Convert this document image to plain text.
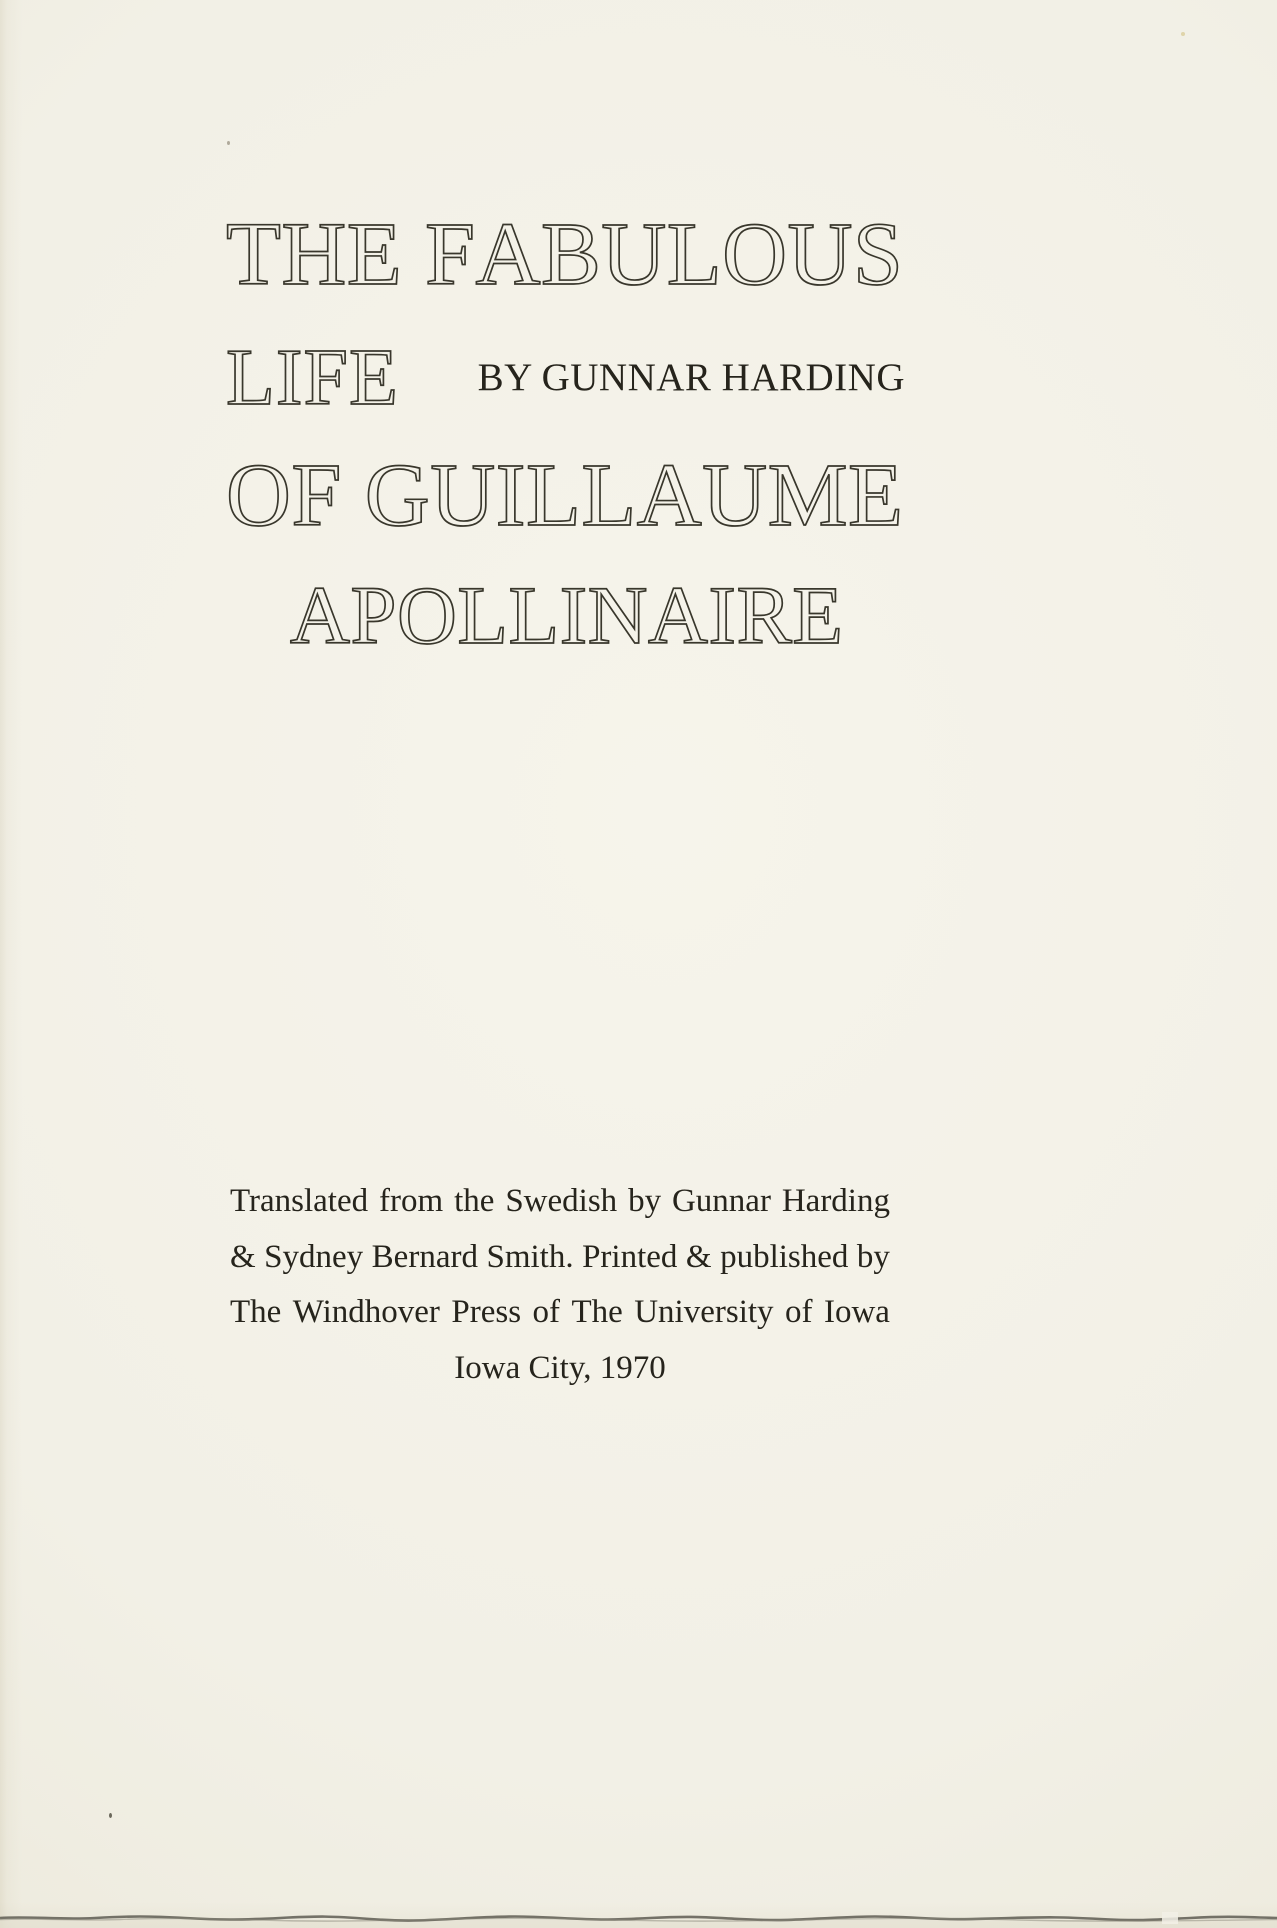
T H E
F A B U L O U S
LIFE BY GUNNAR HARDING
O F
G U I L L A U M E
A P O L L I N A I R E
Translated from the Swedish by Gunnar Harding
& Sydney Bernard Smith. Printed & published by
The Windhover Press of The University of Iowa
Iowa City, 1970
